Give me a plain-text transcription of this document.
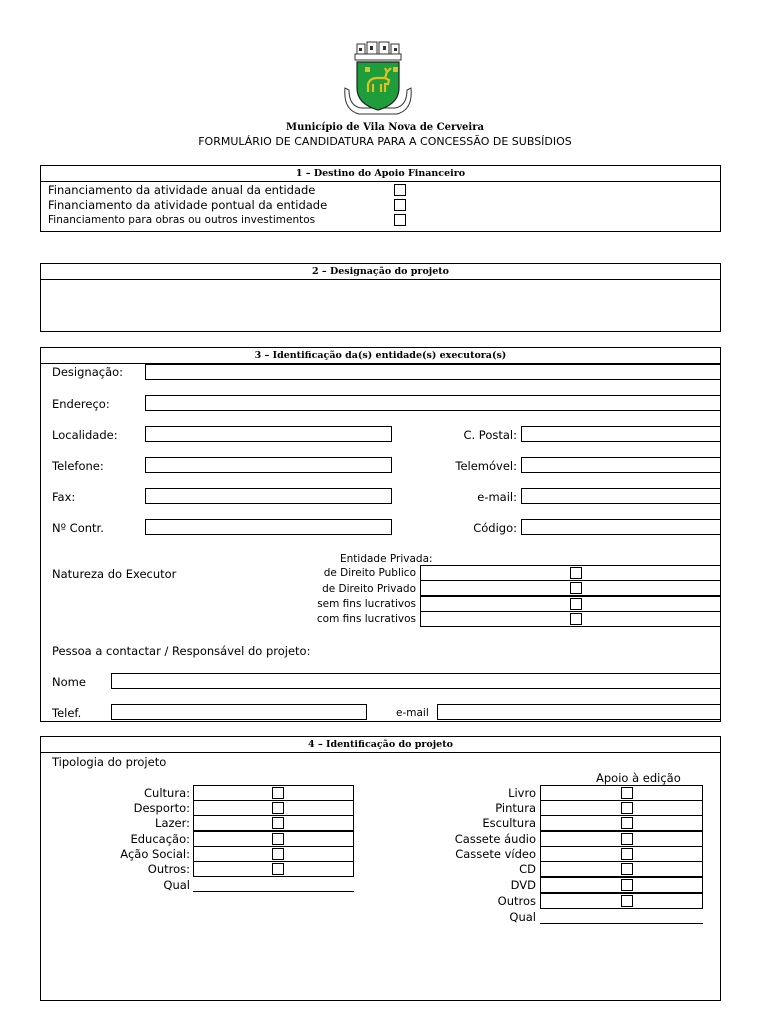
Município de Vila Nova de Cerveira
FORMULÁRIO DE CANDIDATURA PARA A CONCESSÃO DE SUBSÍDIOS
1 – Destino do Apoio Financeiro
Financiamento da atividade anual da entidade
Financiamento da atividade pontual da entidade
Financiamento para obras ou outros investimentos
2 – Designação do projeto
3 – Identificação da(s) entidade(s) executora(s)
Designação:
Endereço:
Localidade:	C. Postal:
Telefone:	Telemóvel:
Fax:	e-mail:
Nº Contr.	Código:
Entidade Privada:
Natureza do Executor	de Direito Publico
de Direito Privado
sem fins lucrativos
com fins lucrativos
Pessoa a contactar / Responsável do projeto:
Nome
Telef.	e-mail
4 – Identificação do projeto
Tipologia do projeto
Apoio à edição
Cultura:
Desporto:
Lazer:
Educação:
Ação Social:
Outros:
Qual
Livro
Pintura
Escultura
Cassete áudio
Cassete vídeo
CD
DVD
Outros
Qual
